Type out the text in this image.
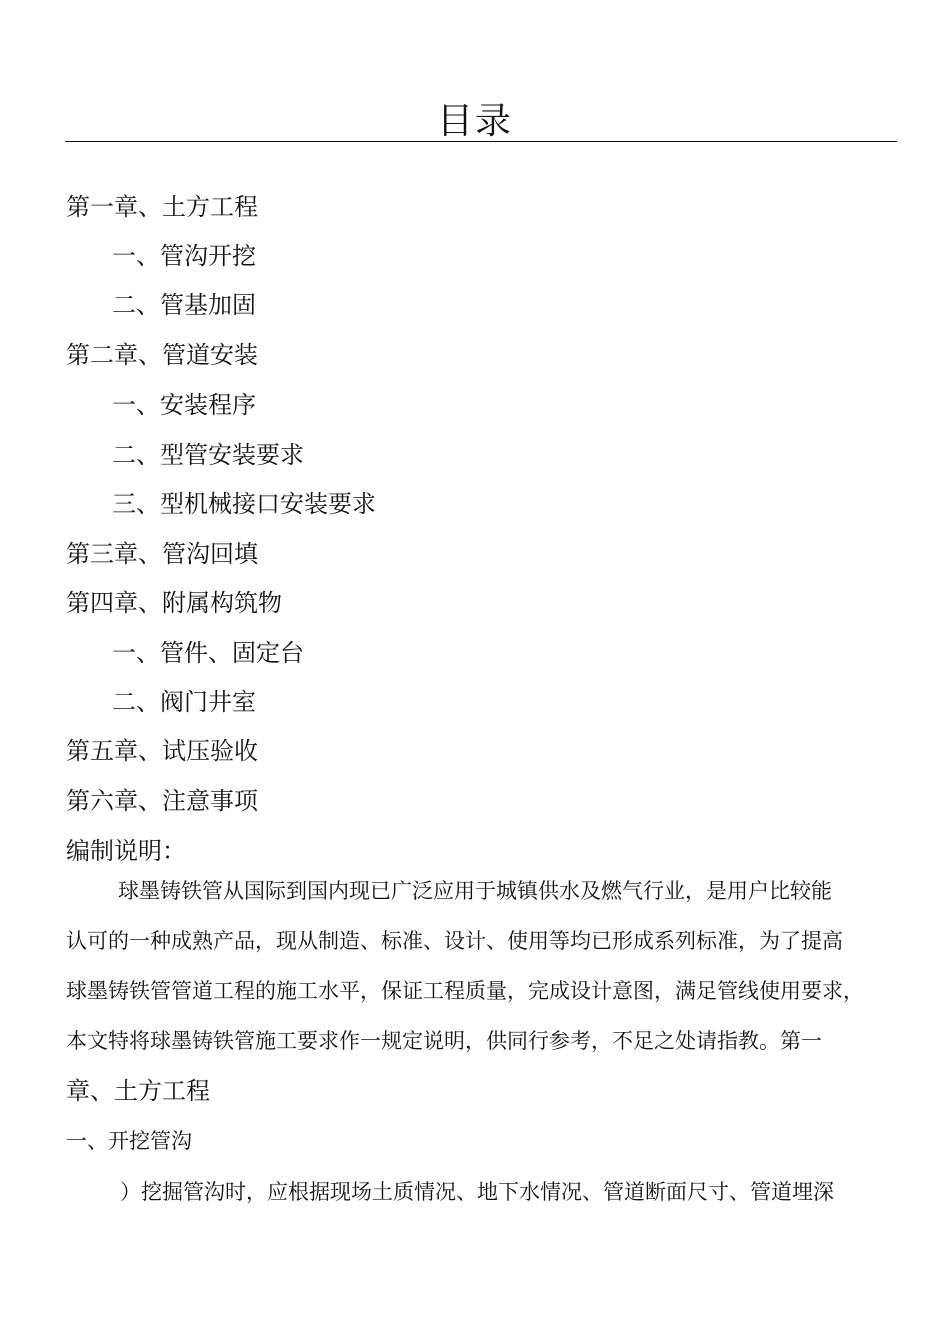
目录
第一章、土方工程
一、管沟开挖
二、管基加固
第二章、管道安装
一、安装程序
二、型管安装要求
三、型机械接口安装要求
第三章、管沟回填
第四章、附属构筑物
一、管件、固定台
二、阀门井室
第五章、试压验收
第六章、注意事项
编制说明：
球墨铸铁管从国际到国内现已广泛应用于城镇供水及燃气行业，是用户比较能
认可的一种成熟产品，现从制造、标准、设计、使用等均已形成系列标准，为了提高
球墨铸铁管管道工程的施工水平，保证工程质量，完成设计意图，满足管线使用要求，
本文特将球墨铸铁管施工要求作一规定说明，供同行参考，不足之处请指教。第一
章、土方工程
一、开挖管沟
）挖掘管沟时，应根据现场土质情况、地下水情况、管道断面尺寸、管道埋深
